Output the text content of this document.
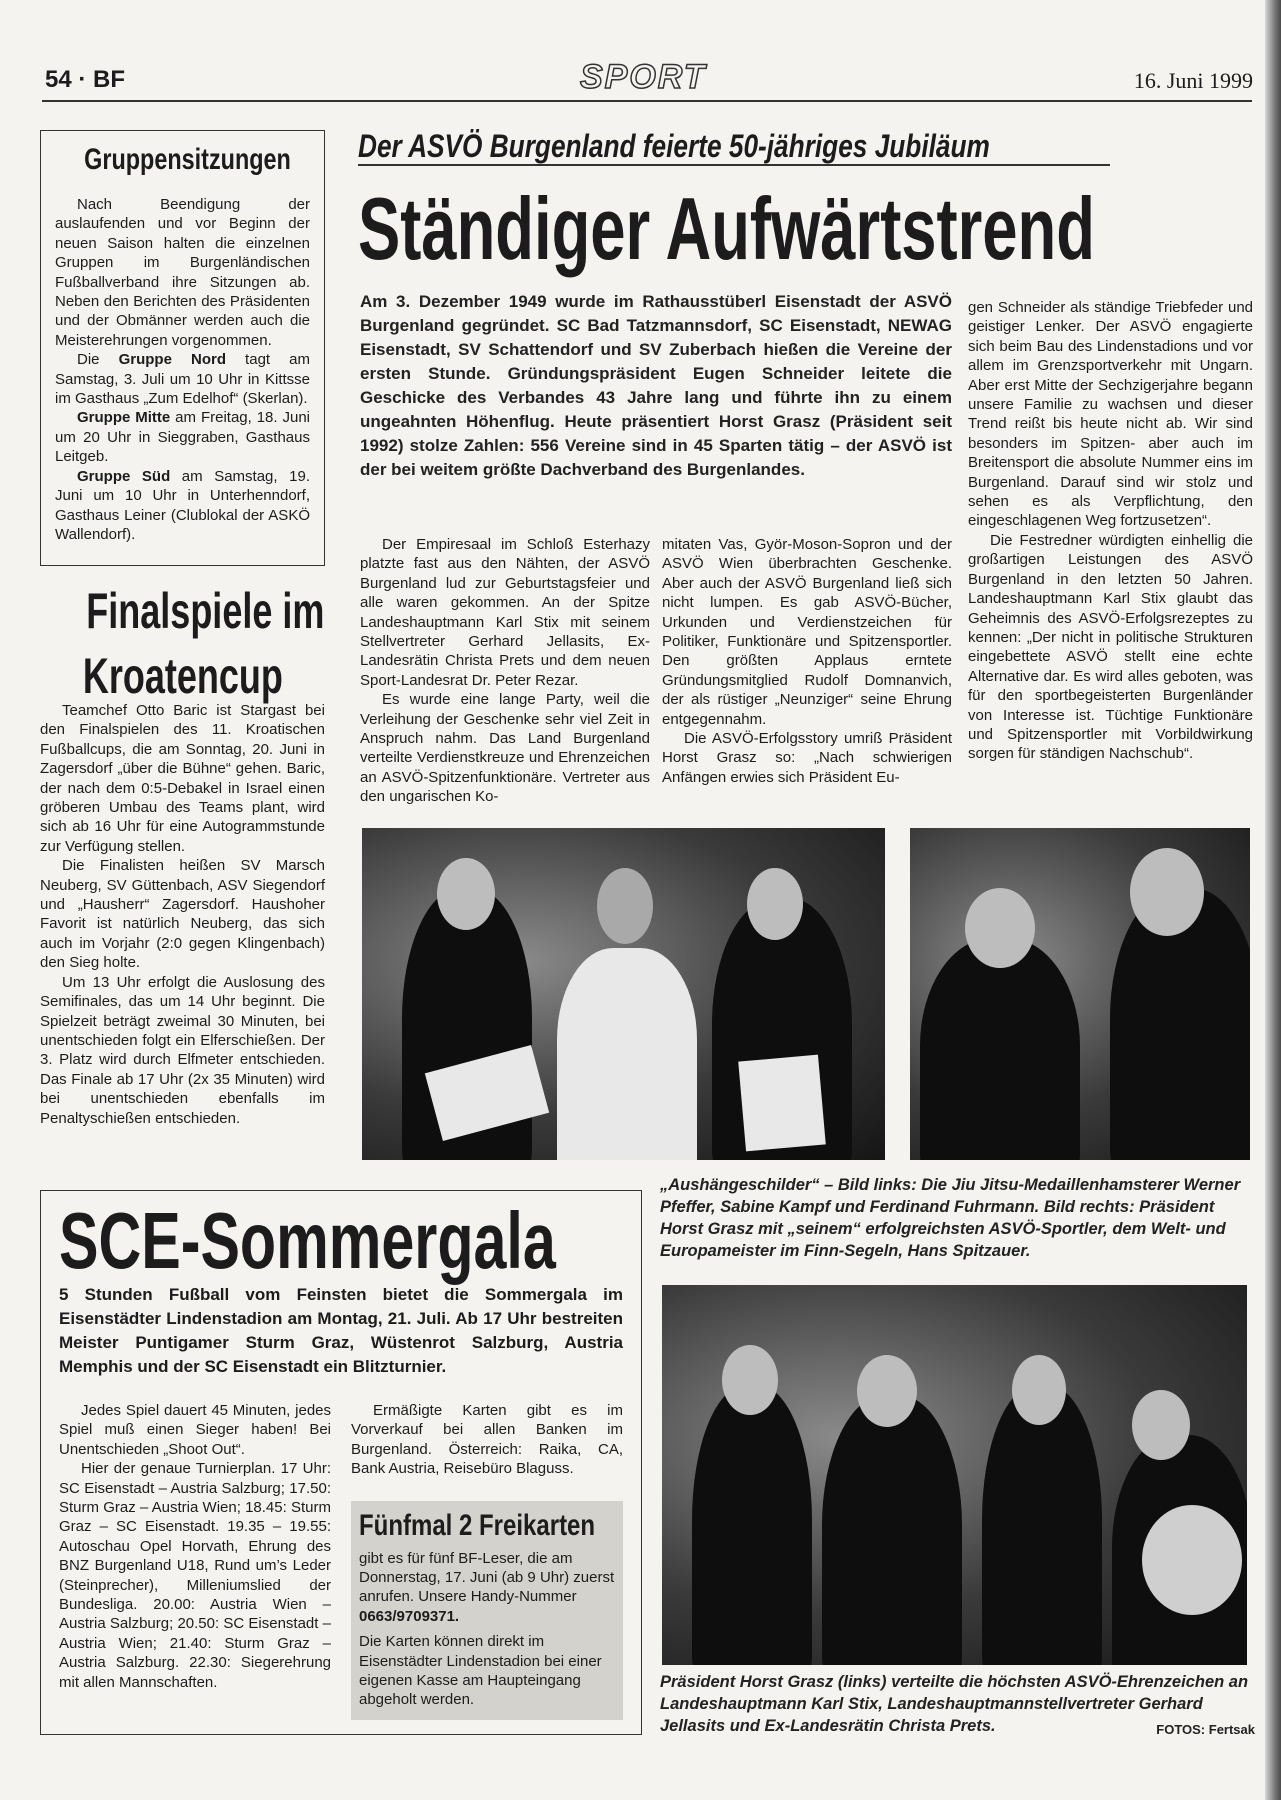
54 · BF	SPORT	16. Juni 1999
Gruppensitzungen

Nach Beendigung der auslaufenden und vor Beginn der neuen Saison halten die einzelnen Gruppen im Burgenländischen Fußballverband ihre Sitzungen ab. Neben den Berichten des Präsidenten und der Obmänner werden auch die Meisterehrungen vorgenommen.

Die Gruppe Nord tagt am Samstag, 3. Juli um 10 Uhr in Kittsse im Gasthaus „Zum Edelhof“ (Skerlan).

Gruppe Mitte am Freitag, 18. Juni um 20 Uhr in Sieggraben, Gasthaus Leitgeb.

Gruppe Süd am Samstag, 19. Juni um 10 Uhr in Unterhenndorf, Gasthaus Leiner (Clublokal der ASKÖ Wallendorf).

Finalspiele im
Kroatencup

Teamchef Otto Baric ist Stargast bei den Finalspielen des 11. Kroatischen Fußballcups, die am Sonntag, 20. Juni in Zagersdorf „über die Bühne“ gehen. Baric, der nach dem 0:5-Debakel in Israel einen gröberen Umbau des Teams plant, wird sich ab 16 Uhr für eine Autogrammstunde zur Verfügung stellen.

Die Finalisten heißen SV Marsch Neuberg, SV Güttenbach, ASV Siegendorf und „Hausherr“ Zagersdorf. Haushoher Favorit ist natürlich Neuberg, das sich auch im Vorjahr (2:0 gegen Klingenbach) den Sieg holte.

Um 13 Uhr erfolgt die Auslosung des Semifinales, das um 14 Uhr beginnt. Die Spielzeit beträgt zweimal 30 Minuten, bei unentschieden folgt ein Elferschießen. Der 3. Platz wird durch Elfmeter entschieden. Das Finale ab 17 Uhr (2x 35 Minuten) wird bei unentschieden ebenfalls im Penaltyschießen entschieden.

Der ASVÖ Burgenland feierte 50-jähriges Jubiläum
Ständiger Aufwärtstrend
Am 3. Dezember 1949 wurde im Rathausstüberl Eisenstadt der ASVÖ Burgenland gegründet. SC Bad Tatzmannsdorf, SC Eisenstadt, NEWAG Eisenstadt, SV Schattendorf und SV Zuberbach hießen die Vereine der ersten Stunde. Gründungspräsident Eugen Schneider leitete die Geschicke des Verbandes 43 Jahre lang und führte ihn zu einem ungeahnten Höhenflug. Heute präsentiert Horst Grasz (Präsident seit 1992) stolze Zahlen: 556 Vereine sind in 45 Sparten tätig – der ASVÖ ist der bei weitem größte Dachverband des Burgenlandes.

Der Empiresaal im Schloß Esterhazy platzte fast aus den Nähten, der ASVÖ Burgenland lud zur Geburtstagsfeier und alle waren gekommen. An der Spitze Landeshauptmann Karl Stix mit seinem Stellvertreter Gerhard Jellasits, Ex-Landesrätin Christa Prets und dem neuen Sport-Landesrat Dr. Peter Rezar.

Es wurde eine lange Party, weil die Verleihung der Geschenke sehr viel Zeit in Anspruch nahm. Das Land Burgenland verteilte Verdienstkreuze und Ehrenzeichen an ASVÖ-Spitzenfunktionäre. Vertreter aus den ungarischen Ko-

mitaten Vas, Györ-Moson-Sopron und der ASVÖ Wien überbrachten Geschenke. Aber auch der ASVÖ Burgenland ließ sich nicht lumpen. Es gab ASVÖ-Bücher, Urkunden und Verdienstzeichen für Politiker, Funktionäre und Spitzensportler. Den größten Applaus erntete Gründungsmitglied Rudolf Domnanvich, der als rüstiger „Neunziger“ seine Ehrung entgegennahm.

Die ASVÖ-Erfolgsstory umriß Präsident Horst Grasz so: „Nach schwierigen Anfängen erwies sich Präsident Eu-

gen Schneider als ständige Triebfeder und geistiger Lenker. Der ASVÖ engagierte sich beim Bau des Lindenstadions und vor allem im Grenzsportverkehr mit Ungarn. Aber erst Mitte der Sechzigerjahre begann unsere Familie zu wachsen und dieser Trend reißt bis heute nicht ab. Wir sind besonders im Spitzen- aber auch im Breitensport die absolute Nummer eins im Burgenland. Darauf sind wir stolz und sehen es als Verpflichtung, den eingeschlagenen Weg fortzusetzen“.

Die Festredner würdigten einhellig die großartigen Leistungen des ASVÖ Burgenland in den letzten 50 Jahren. Landeshauptmann Karl Stix glaubt das Geheimnis des ASVÖ-Erfolgsrezeptes zu kennen: „Der nicht in politische Strukturen eingebettete ASVÖ stellt eine echte Alternative dar. Es wird alles geboten, was für den sportbegeisterten Burgenländer von Interesse ist. Tüchtige Funktionäre und Spitzensportler mit Vorbildwirkung sorgen für ständigen Nachschub“.

„Aushängeschilder“ – Bild links: Die Jiu Jitsu-Medaillenhamsterer Werner Pfeffer, Sabine Kampf und Ferdinand Fuhrmann. Bild rechts: Präsident Horst Grasz mit „seinem“ erfolgreichsten ASVÖ-Sportler, dem Welt- und Europameister im Finn-Segeln, Hans Spitzauer.
Präsident Horst Grasz (links) verteilte die höchsten ASVÖ-Ehrenzeichen an Landeshauptmann Karl Stix, Landeshauptmannstellvertreter Gerhard Jellasits und Ex-Landesrätin Christa Prets.	FOTOS: Fertsak
SCE-Sommergala
5 Stunden Fußball vom Feinsten bietet die Sommergala im Eisenstädter Lindenstadion am Montag, 21. Juli. Ab 17 Uhr bestreiten Meister Puntigamer Sturm Graz, Wüstenrot Salzburg, Austria Memphis und der SC Eisenstadt ein Blitzturnier.

Jedes Spiel dauert 45 Minuten, jedes Spiel muß einen Sieger haben! Bei Unentschieden „Shoot Out“.

Hier der genaue Turnierplan. 17 Uhr: SC Eisenstadt – Austria Salzburg; 17.50: Sturm Graz – Austria Wien; 18.45: Sturm Graz – SC Eisenstadt. 19.35 – 19.55: Autoschau Opel Horvath, Ehrung des BNZ Burgenland U18, Rund um’s Leder (Steinprecher), Milleniumslied der Bundesliga. 20.00: Austria Wien – Austria Salzburg; 20.50: SC Eisenstadt – Austria Wien; 21.40: Sturm Graz – Austria Salzburg. 22.30: Siegerehrung mit allen Mannschaften.

Ermäßigte Karten gibt es im Vorverkauf bei allen Banken im Burgenland. Österreich: Raika, CA, Bank Austria, Reisebüro Blaguss.

Fünfmal 2 Freikarten

gibt es für fünf BF-Leser, die am Donnerstag, 17. Juni (ab 9 Uhr) zuerst anrufen. Unsere Handy-Nummer 0663/9709371.

Die Karten können direkt im Eisenstädter Lindenstadion bei einer eigenen Kasse am Haupteingang abgeholt werden.
